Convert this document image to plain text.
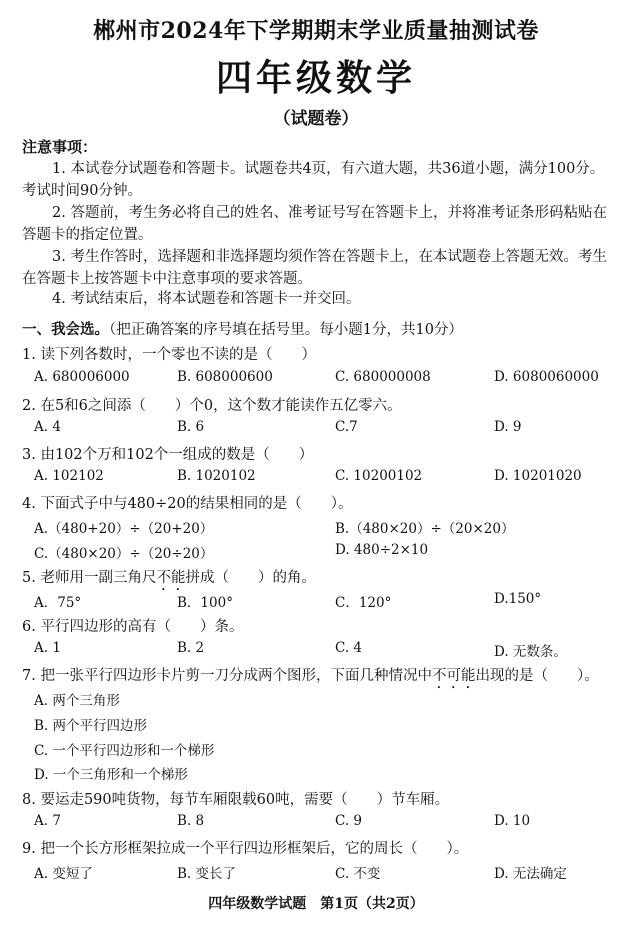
郴州市2024年下学期期末学业质量抽测试卷
四年级数学
（试题卷）
注意事项：
1. 本试卷分试题卷和答题卡。试题卷共4页，有六道大题，共36道小题，满分100分。考试时间90分钟。
2. 答题前，考生务必将自己的姓名、准考证号写在答题卡上，并将准考证条形码粘贴在答题卡的指定位置。
3. 考生作答时，选择题和非选择题均须作答在答题卡上，在本试题卷上答题无效。考生在答题卡上按答题卡中注意事项的要求答题。
4. 考试结束后，将本试题卷和答题卡一并交回。
一、我会选。（把正确答案的序号填在括号里。每小题1分，共10分）
1. 读下列各数时，一个零也不读的是（　　）
A. 680006000	B. 608000600	C. 680000008	D. 6080060000
2. 在5和6之间添（　　）个0，这个数才能读作五亿零六。
A. 4	B. 6	C.7	D. 9
3. 由102个万和102个一组成的数是（　　）
A. 102102	B. 1020102	C. 10200102	D. 10201020
4. 下面式子中与480÷20的结果相同的是（　　）。
A.（480+20）÷（20+20）	B.（480×20）÷（20×20）
C.（480×20）÷（20÷20）	D. 480÷2×10
5. 老师用一副三角尺不能拼成（　　）的角。
A．75°	B．100°	C．120°	D.150°
6. 平行四边形的高有（　　）条。
A. 1	B. 2	C. 4	D. 无数条。
7. 把一张平行四边形卡片剪一刀分成两个图形，下面几种情况中不可能出现的是（　　）。
A. 两个三角形
B. 两个平行四边形
C. 一个平行四边形和一个梯形
D. 一个三角形和一个梯形
8. 要运走590吨货物，每节车厢限载60吨，需要（　　）节车厢。
A. 7	B. 8	C. 9	D. 10
9. 把一个长方形框架拉成一个平行四边形框架后，它的周长（　　）。
A. 变短了	B. 变长了	C. 不变	D. 无法确定
四年级数学试题　第1页（共2页）
